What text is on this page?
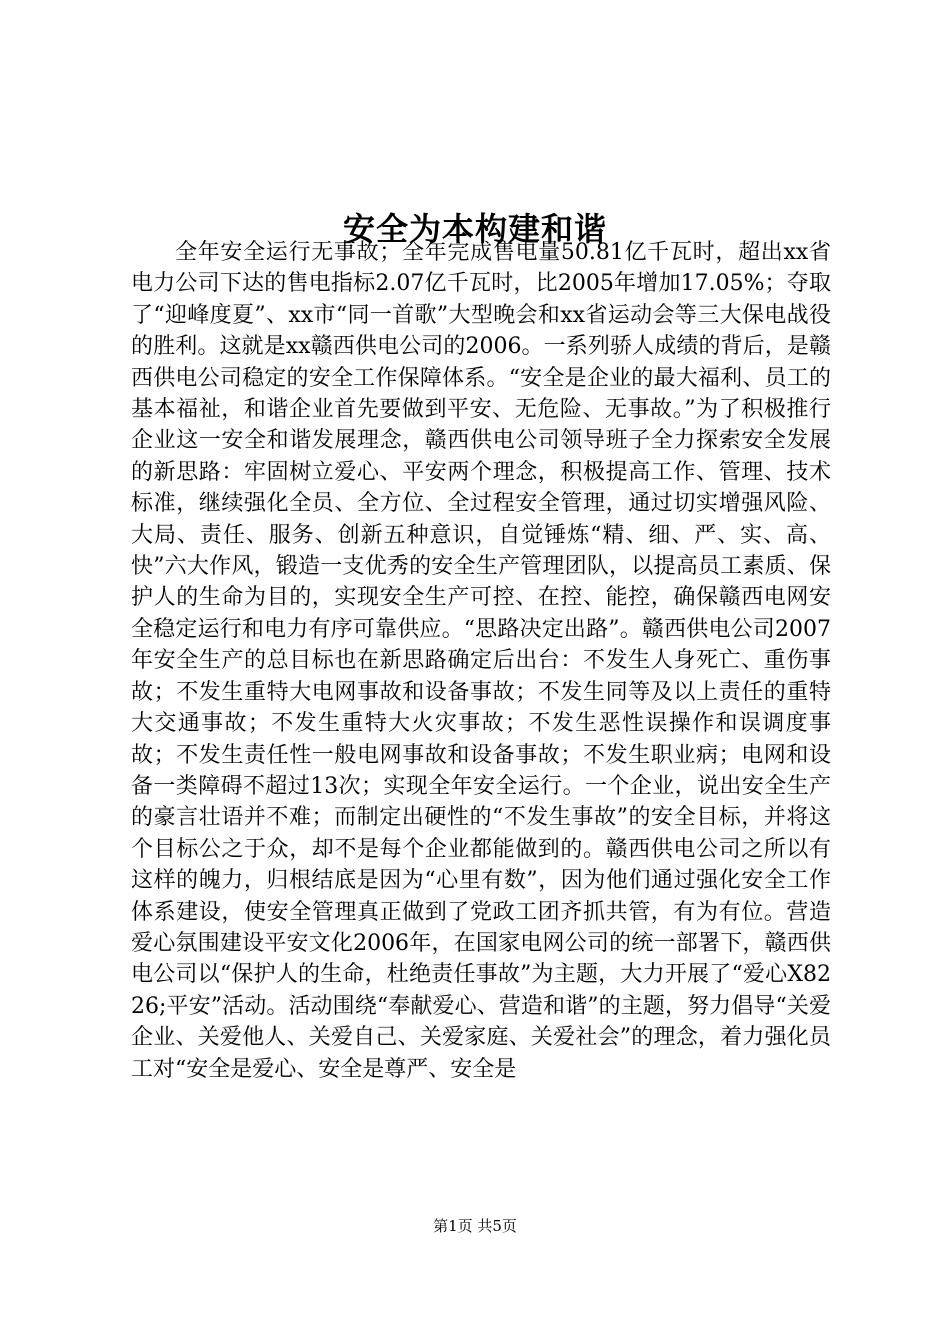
安全为本构建和谐

全年安全运行无事故；全年完成售电量50.81亿千瓦时，超出xx省电力公司下达的售电指标2.07亿千瓦时，比2005年增加17.05%；夺取了“迎峰度夏”、xx市“同一首歌”大型晚会和xx省运动会等三大保电战役的胜利。这就是xx赣西供电公司的2006。一系列骄人成绩的背后，是赣西供电公司稳定的安全工作保障体系。“安全是企业的最大福利、员工的基本福祉，和谐企业首先要做到平安、无危险、无事故。”为了积极推行企业这一安全和谐发展理念，赣西供电公司领导班子全力探索安全发展的新思路：牢固树立爱心、平安两个理念，积极提高工作、管理、技术标准，继续强化全员、全方位、全过程安全管理，通过切实增强风险、大局、责任、服务、创新五种意识，自觉锤炼“精、细、严、实、高、快”六大作风，锻造一支优秀的安全生产管理团队，以提高员工素质、保护人的生命为目的，实现安全生产可控、在控、能控，确保赣西电网安全稳定运行和电力有序可靠供应。“思路决定出路”。赣西供电公司2007年安全生产的总目标也在新思路确定后出台：不发生人身死亡、重伤事故；不发生重特大电网事故和设备事故；不发生同等及以上责任的重特大交通事故；不发生重特大火灾事故；不发生恶性误操作和误调度事故；不发生责任性一般电网事故和设备事故；不发生职业病；电网和设备一类障碍不超过13次；实现全年安全运行。一个企业，说出安全生产的豪言壮语并不难；而制定出硬性的“不发生事故”的安全目标，并将这个目标公之于众，却不是每个企业都能做到的。赣西供电公司之所以有这样的魄力，归根结底是因为“心里有数”，因为他们通过强化安全工作体系建设，使安全管理真正做到了党政工团齐抓共管，有为有位。营造爱心氛围建设平安文化2006年，在国家电网公司的统一部署下，赣西供电公司以“保护人的生命，杜绝责任事故”为主题，大力开展了“爱心X8226;平安”活动。活动围绕“奉献爱心、营造和谐”的主题，努力倡导“关爱企业、关爱他人、关爱自己、关爱家庭、关爱社会”的理念，着力强化员工对“安全是爱心、安全是尊严、安全是

第1页 共5页
